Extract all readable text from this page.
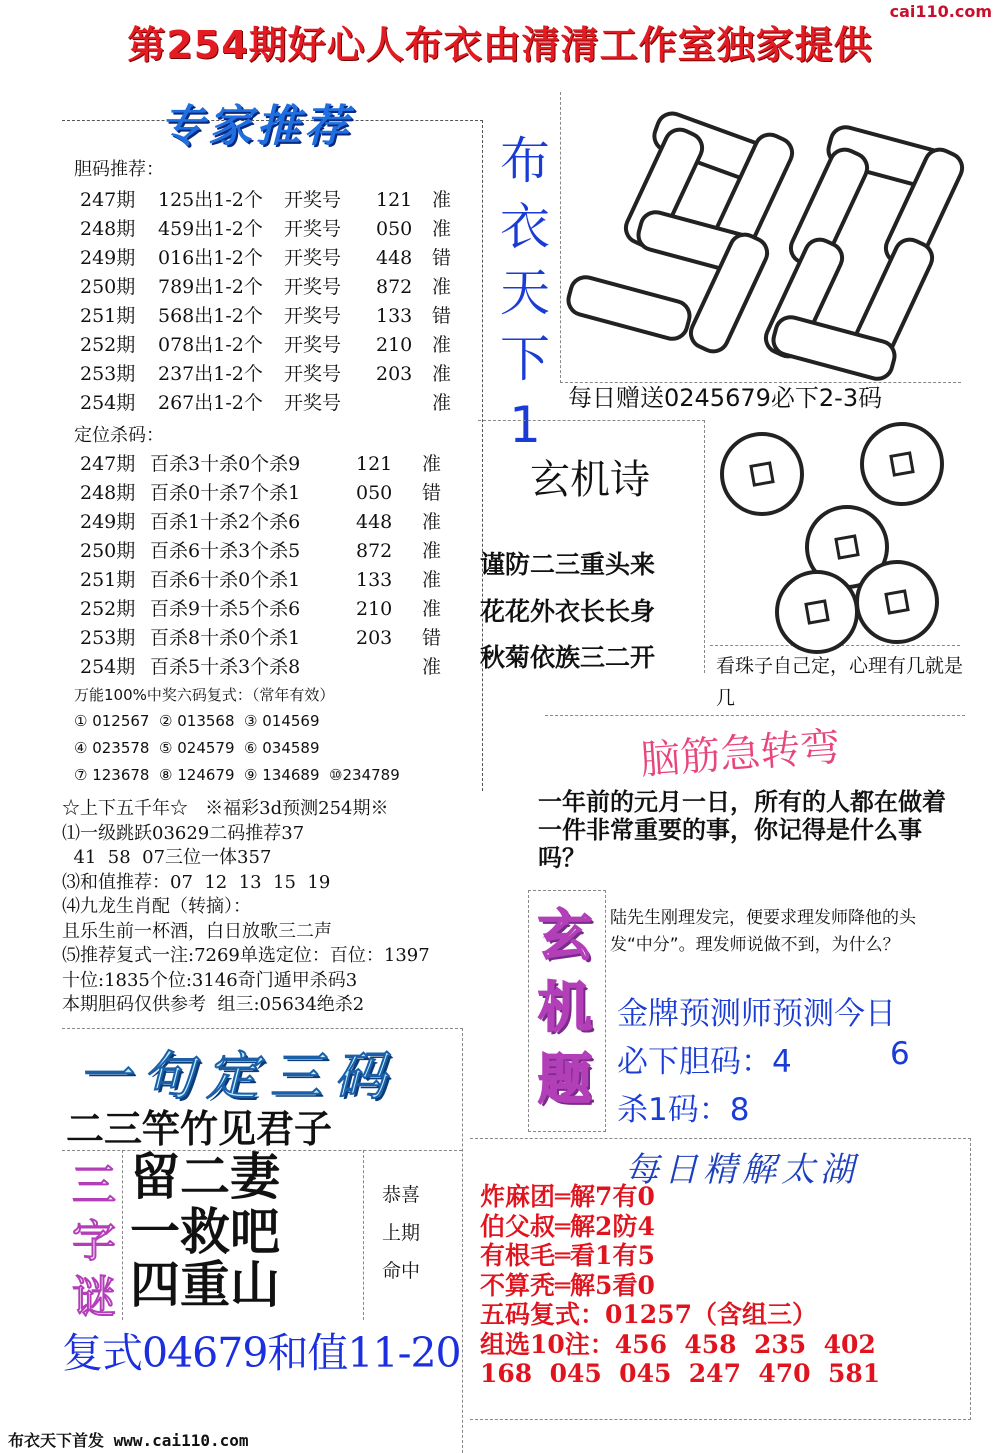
cai110.com
第254期好心人布衣由清清工作室独家提供
专家推荐
胆码推荐：
247期	125出1-2个	开奖号	121	准
248期	459出1-2个	开奖号	050	准
249期	016出1-2个	开奖号	448	错
250期	789出1-2个	开奖号	872	准
251期	568出1-2个	开奖号	133	错
252期	078出1-2个	开奖号	210	准
253期	237出1-2个	开奖号	203	准
254期	267出1-2个	开奖号	准
定位杀码：
247期 百杀3十杀0个杀9	121	准
248期 百杀0十杀7个杀1	050	错
249期 百杀1十杀2个杀6	448	准
250期 百杀6十杀3个杀5	872	准
251期 百杀6十杀0个杀1	133	准
252期 百杀9十杀5个杀6	210	准
253期 百杀8十杀0个杀1	203	错
254期 百杀5十杀3个杀8	准
万能100%中奖六码复式：（常年有效）
① 012567  ② 013568  ③ 014569
④ 023578  ⑤ 024579  ⑥ 034589
⑦ 123678  ⑧ 124679  ⑨ 134689  ⑩234789
☆上下五千年☆   ※福彩3d预测254期※
⑴一级跳跃03629二码推荐37
41  58  07三位一体357
⑶和值推荐：07  12  13  15  19
⑷九龙生肖配（转摘）：
且乐生前一杯酒，白日放歌三二声
⑸推荐复式一注:7269单选定位：百位：1397
十位:1835个位:3146奇门遁甲杀码3
本期胆码仅供参考  组三:05634绝杀2
布衣天下1	每日赠送0245679必下2-3码
玄机诗
谨防二三重头来
花花外衣长长身
秋菊依族三二开	看珠子自己定，心理有几就是几
脑筋急转弯
一年前的元月一日，所有的人都在做着一件非常重要的事，你记得是什么事吗？
玄机题
陆先生刚理发完，便要求理发师降他的头发“中分”。理发师说做不到，为什么？
金牌预测师预测今日
必下胆码：4	6
杀1码：8
一句定三码
二三竿竹见君子
三字谜
留二妻
一救吧
四重山
恭喜
上期
命中
复式04679和值11-20
每日精解太湖
炸麻团═解7有0
伯父叔═解2防4
有根毛═看1有5
不算秃═解5看0
五码复式：01257（含组三）
组选10注：456  458  235  402
168  045  045  247  470  581
布衣天下首发 www.cai110.com
